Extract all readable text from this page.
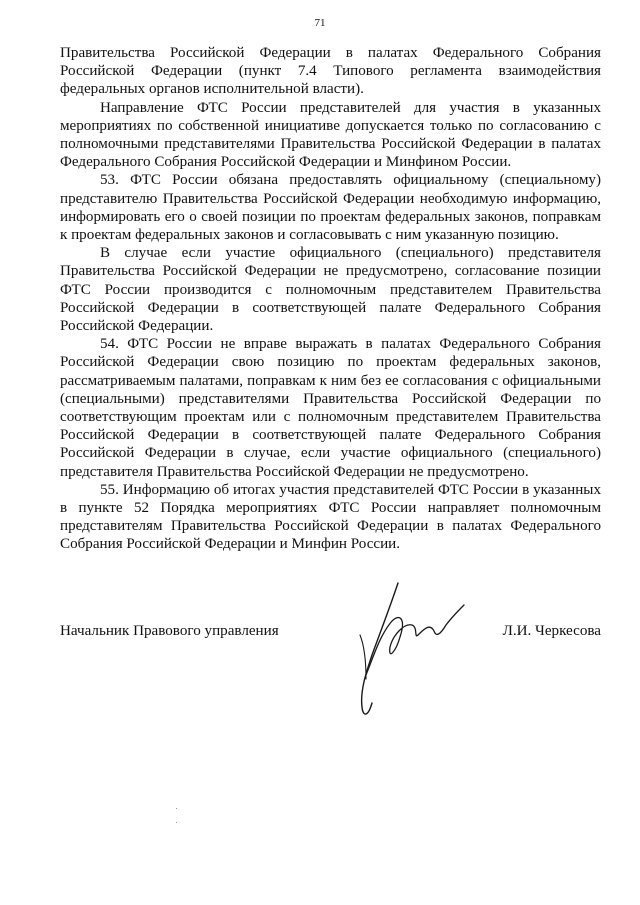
71

Правительства Российской Федерации в палатах Федерального Собрания Российской Федерации (пункт 7.4 Типового регламента взаимодействия федеральных органов исполнительной власти).

Направление ФТС России представителей для участия в указанных мероприятиях по собственной инициативе допускается только по согласованию с полномочными представителями Правительства Российской Федерации в палатах Федерального Собрания Российской Федерации и Минфином России.

53. ФТС России обязана предоставлять официальному (специальному) представителю Правительства Российской Федерации необходимую информацию, информировать его о своей позиции по проектам федеральных законов, поправкам к проектам федеральных законов и согласовывать с ним указанную позицию.

В случае если участие официального (специального) представителя Правительства Российской Федерации не предусмотрено, согласование позиции ФТС России производится с полномочным представителем Правительства Российской Федерации в соответствующей палате Федерального Собрания Российской Федерации.

54. ФТС России не вправе выражать в палатах Федерального Собрания Российской Федерации свою позицию по проектам федеральных законов, рассматриваемым палатами, поправкам к ним без ее согласования с официальными (специальными) представителями Правительства Российской Федерации по соответствующим проектам или с полномочным представителем Правительства Российской Федерации в соответствующей палате Федерального Собрания Российской Федерации в случае, если участие официального (специального) представителя Правительства Российской Федерации не предусмотрено.

55. Информацию об итогах участия представителей ФТС России в указанных в пункте 52 Порядка мероприятиях ФТС России направляет полномочным представителям Правительства Российской Федерации в палатах Федерального Собрания Российской Федерации и Минфин России.

Начальник Правового управления	Л.И. Черкесова
